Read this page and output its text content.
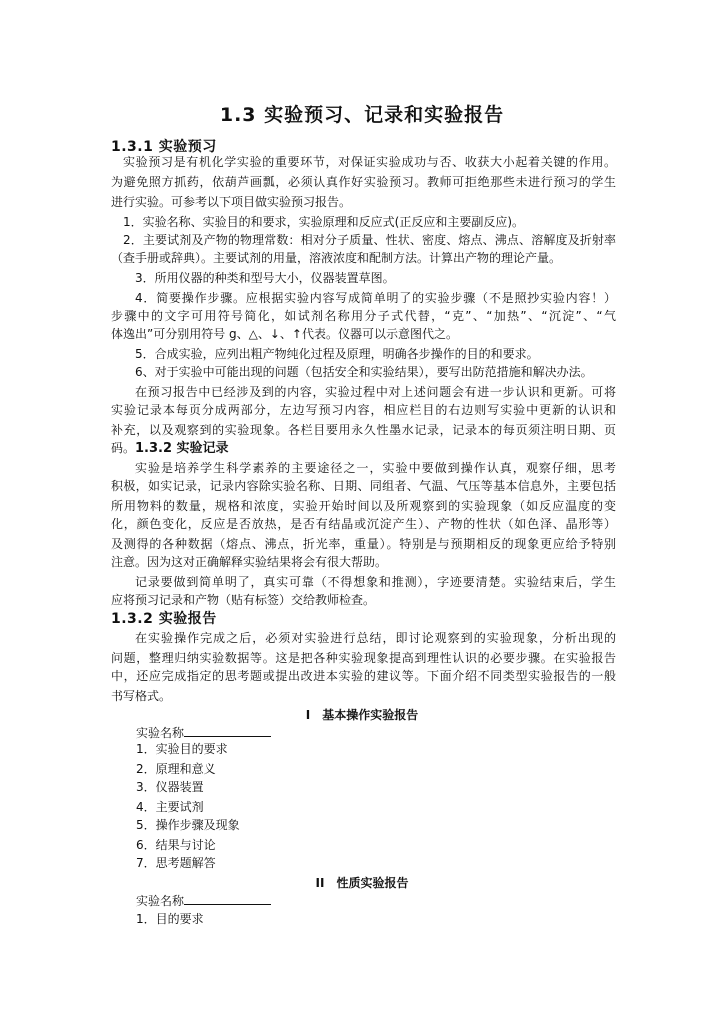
1.3 实验预习、记录和实验报告
1.3.1 实验预习
实验预习是有机化学实验的重要环节，对保证实验成功与否、收获大小起着关键的作用。
为避免照方抓药，依葫芦画瓢，必须认真作好实验预习。教师可拒绝那些未进行预习的学生
进行实验。可参考以下项目做实验预习报告。
1．实验名称、实验目的和要求，实验原理和反应式(正反应和主要副反应)。
2．主要试剂及产物的物理常数：相对分子质量、性状、密度、熔点、沸点、溶解度及折射率
（查手册或辞典）。主要试剂的用量，溶液浓度和配制方法。计算出产物的理论产量。
3．所用仪器的种类和型号大小，仪器装置草图。
4．简要操作步骤。应根据实验内容写成简单明了的实验步骤（不是照抄实验内容！）
步骤中的文字可用符号简化，如试剂名称用分子式代替，“克”、“加热”、“沉淀”、“气
体逸出”可分别用符号 g、△、↓、↑代表。仪器可以示意图代之。
5．合成实验，应列出粗产物纯化过程及原理，明确各步操作的目的和要求。
6、对于实验中可能出现的问题（包括安全和实验结果），要写出防范措施和解决办法。
在预习报告中已经涉及到的内容，实验过程中对上述问题会有进一步认识和更新。可将
实验记录本每页分成两部分，左边写预习内容，相应栏目的右边则写实验中更新的认识和
补充，以及观察到的实验现象。各栏目要用永久性墨水记录，记录本的每页须注明日期、页
码。1.3.2 实验记录
实验是培养学生科学素养的主要途径之一，实验中要做到操作认真，观察仔细，思考
积极，如实记录，记录内容除实验名称、日期、同组者、气温、气压等基本信息外，主要包括
所用物料的数量，规格和浓度，实验开始时间以及所观察到的实验现象（如反应温度的变
化，颜色变化，反应是否放热，是否有结晶或沉淀产生）、产物的性状（如色泽、晶形等）
及测得的各种数据（熔点、沸点，折光率，重量）。特别是与预期相反的现象更应给予特别
注意。因为这对正确解释实验结果将会有很大帮助。
记录要做到简单明了，真实可靠（不得想象和推测），字迹要清楚。实验结束后，学生
应将预习记录和产物（贴有标签）交给教师检查。
1.3.2 实验报告
在实验操作完成之后，必须对实验进行总结，即讨论观察到的实验现象，分析出现的
问题，整理归纳实验数据等。这是把各种实验现象提高到理性认识的必要步骤。在实验报告
中，还应完成指定的思考题或提出改进本实验的建议等。下面介绍不同类型实验报告的一般
书写格式。
I　基本操作实验报告
实验名称
1．实验目的要求
2．原理和意义
3．仪器装置
4．主要试剂
5．操作步骤及现象
6．结果与讨论
7．思考题解答
II　性质实验报告
实验名称
1．目的要求
